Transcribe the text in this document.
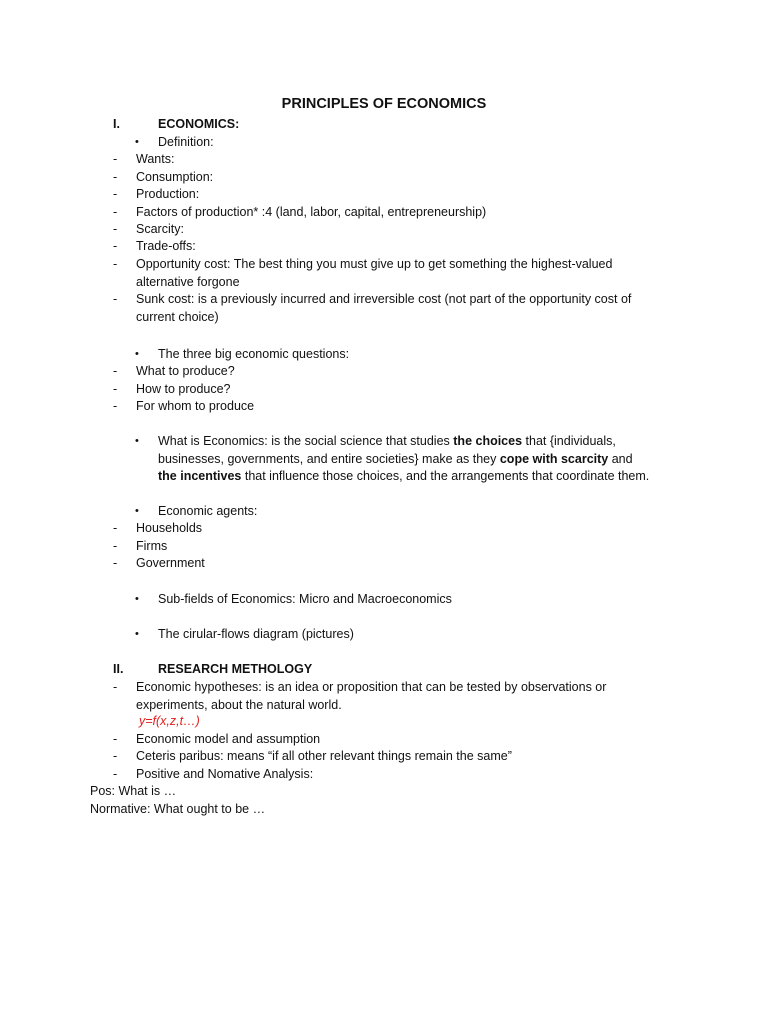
PRINCIPLES OF ECONOMICS
I.	ECONOMICS:
• Definition:
- Wants:
- Consumption:
- Production:
- Factors of production* :4 (land, labor, capital, entrepreneurship)
- Scarcity:
- Trade-offs:
- Opportunity cost: The best thing you must give up to get something the highest-valued alternative forgone
- Sunk cost: is a previously incurred and irreversible cost (not part of the opportunity cost of current choice)
• The three big economic questions:
- What to produce?
- How to produce?
- For whom to produce
• What is Economics: is the social science that studies the choices that {individuals, businesses, governments, and entire societies} make as they cope with scarcity and the incentives that influence those choices, and the arrangements that coordinate them.
• Economic agents:
- Households
- Firms
- Government
• Sub-fields of Economics: Micro and Macroeconomics
• The cirular-flows diagram (pictures)
II.	RESEARCH METHOLOGY
- Economic hypotheses: is an idea or proposition that can be tested by observations or experiments, about the natural world.
y=f(x,z,t…)
- Economic model and assumption
- Ceteris paribus: means “if all other relevant things remain the same”
- Positive and Nomative Analysis:
Pos: What is …
Normative: What ought to be …
